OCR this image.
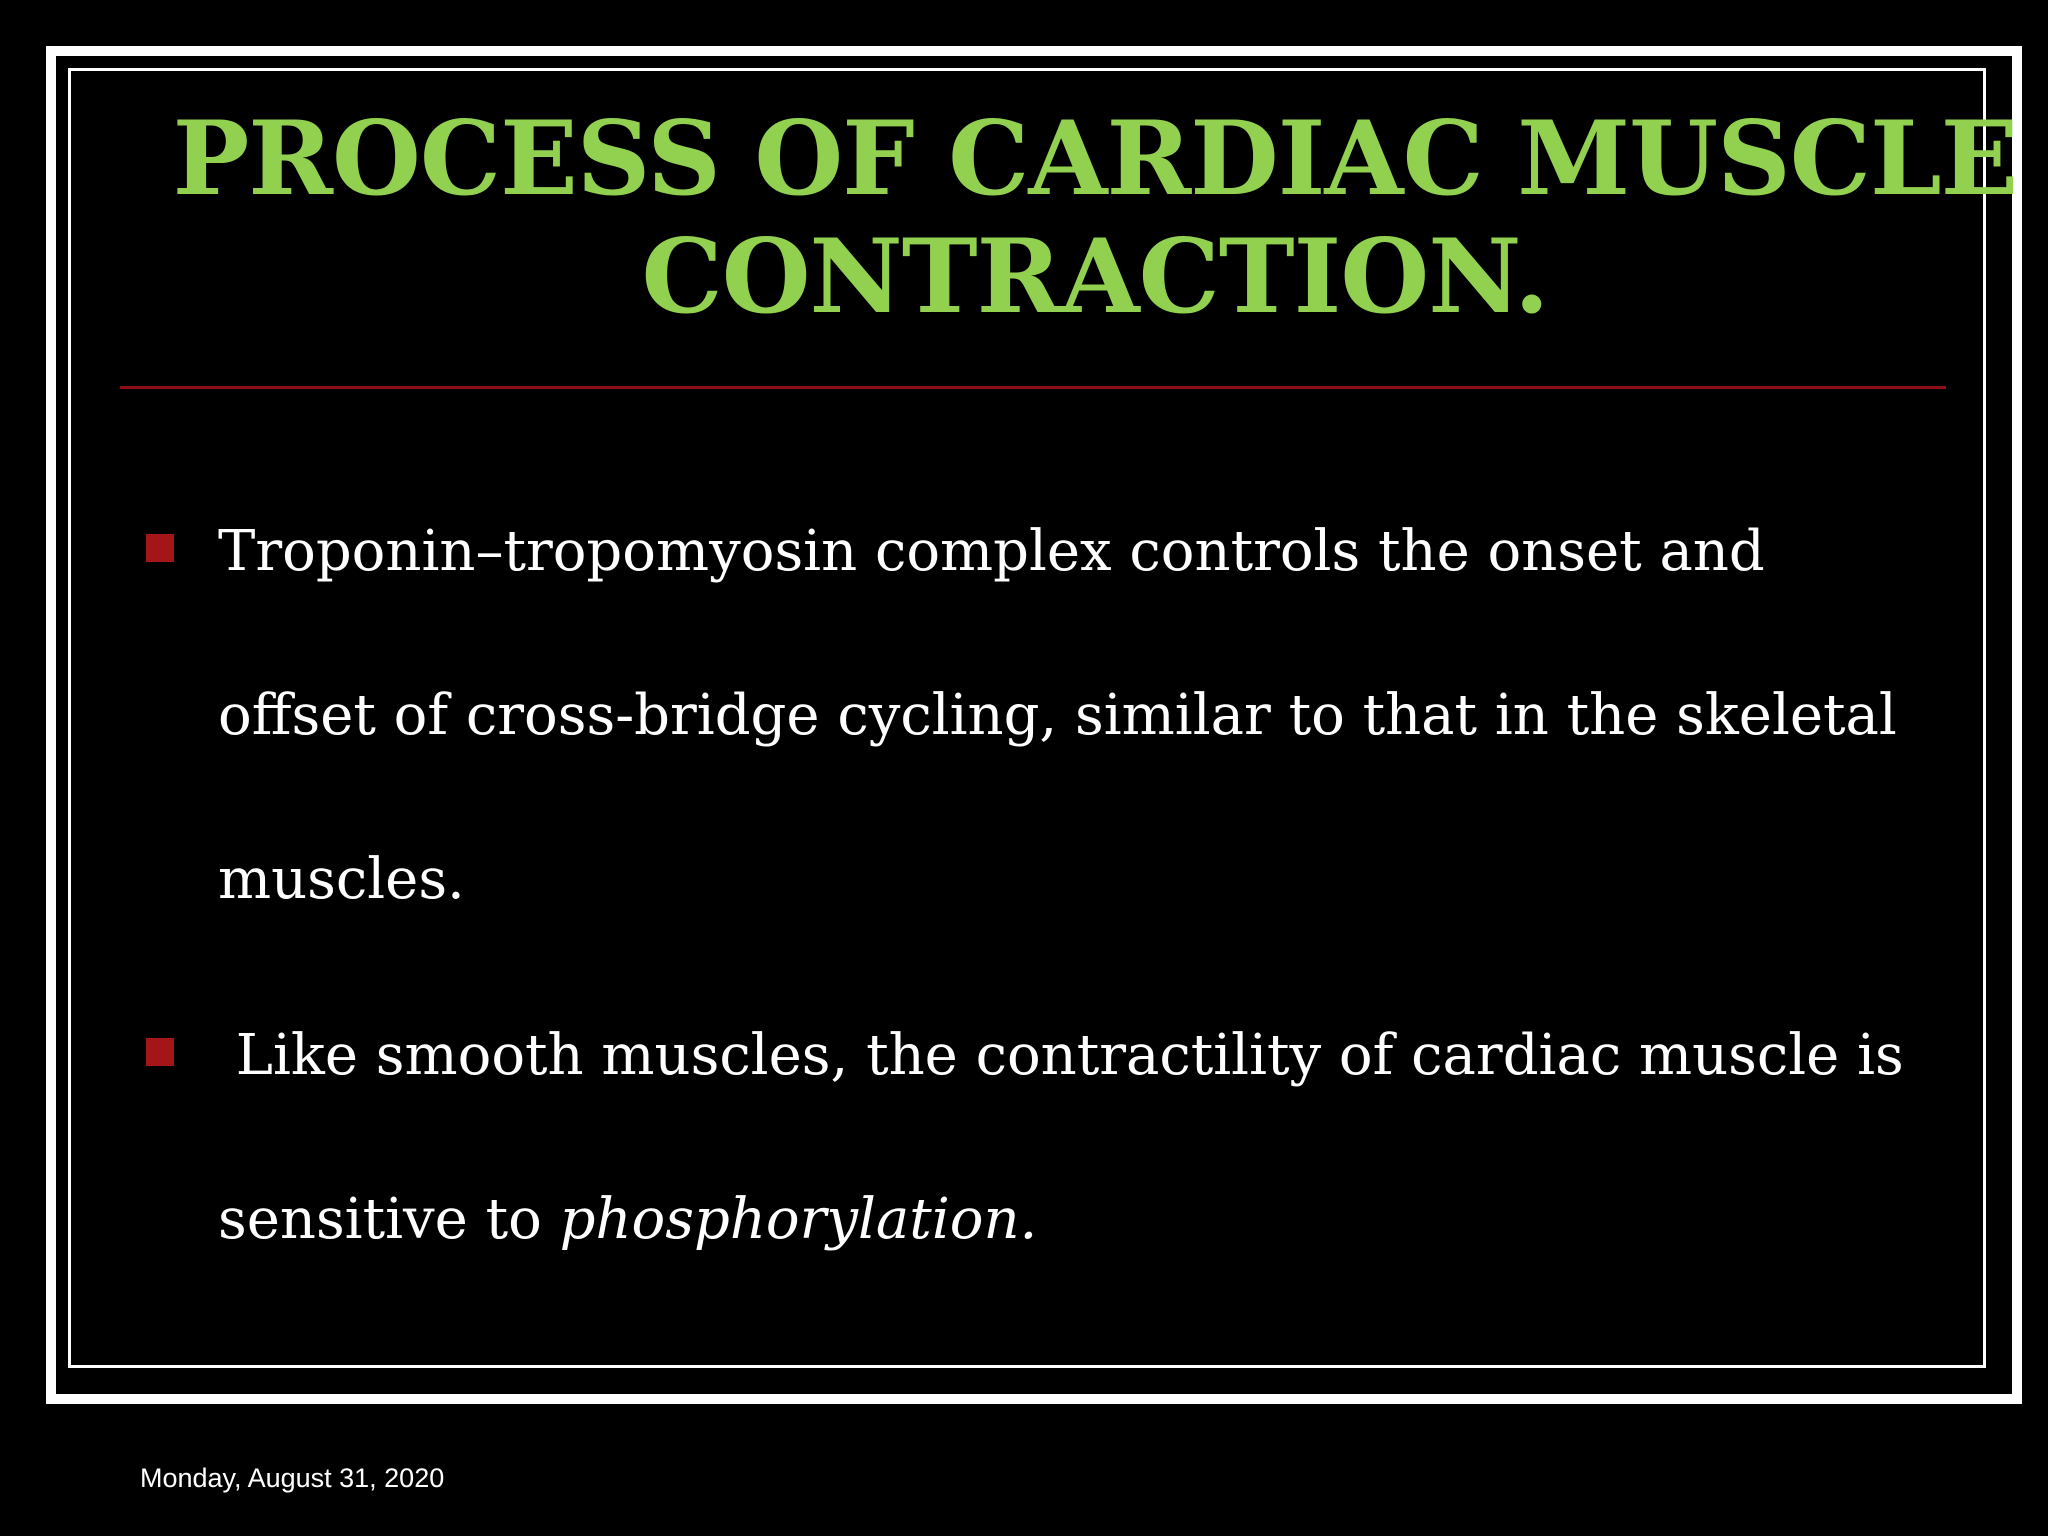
PROCESS OF CARDIAC MUSCLE
CONTRACTION.
Troponin–tropomyosin complex controls the onset and
offset of cross-bridge cycling, similar to that in the skeletal
muscles.
Like smooth muscles, the contractility of cardiac muscle is
sensitive to phosphorylation.
Monday, August 31, 2020
